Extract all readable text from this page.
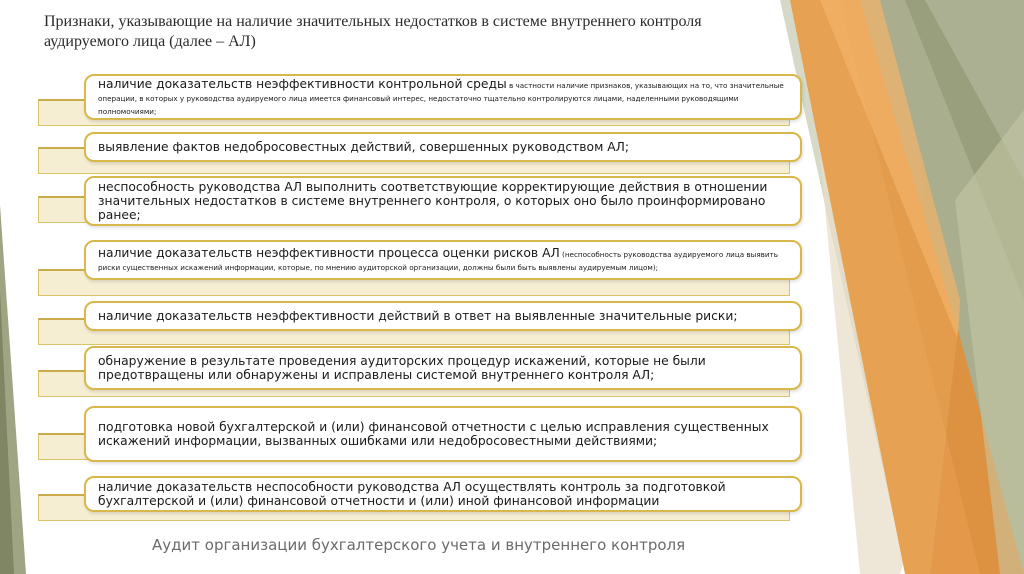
Признаки, указывающие на наличие значительных недостатков в системе внутреннего контроля аудируемого лица (далее – АЛ)
наличие доказательств неэффективности контрольной среды в частности наличие признаков, указывающих на то, что значительные операции, в которых у руководства аудируемого лица имеется финансовый интерес, недостаточно тщательно контролируются лицами, наделенными руководящими полномочиями;
выявление фактов недобросовестных действий, совершенных руководством АЛ;
неспособность руководства АЛ выполнить соответствующие корректирующие действия в отношении значительных недостатков в системе внутреннего контроля, о которых оно было проинформировано ранее;
наличие доказательств неэффективности процесса оценки рисков АЛ (неспособность руководства аудируемого лица выявить риски существенных искажений информации, которые, по мнению аудиторской организации, должны были быть выявлены аудируемым лицом);
наличие доказательств неэффективности действий в ответ на выявленные значительные риски;
обнаружение в результате проведения аудиторских процедур искажений, которые не были предотвращены или обнаружены и исправлены системой внутреннего контроля АЛ;
подготовка новой бухгалтерской и (или) финансовой отчетности с целью исправления существенных искажений информации, вызванных ошибками или недобросовестными действиями;
наличие доказательств неспособности руководства АЛ осуществлять контроль за подготовкой бухгалтерской и (или) финансовой отчетности и (или) иной финансовой информации
Аудит организации бухгалтерского учета и внутреннего контроля
